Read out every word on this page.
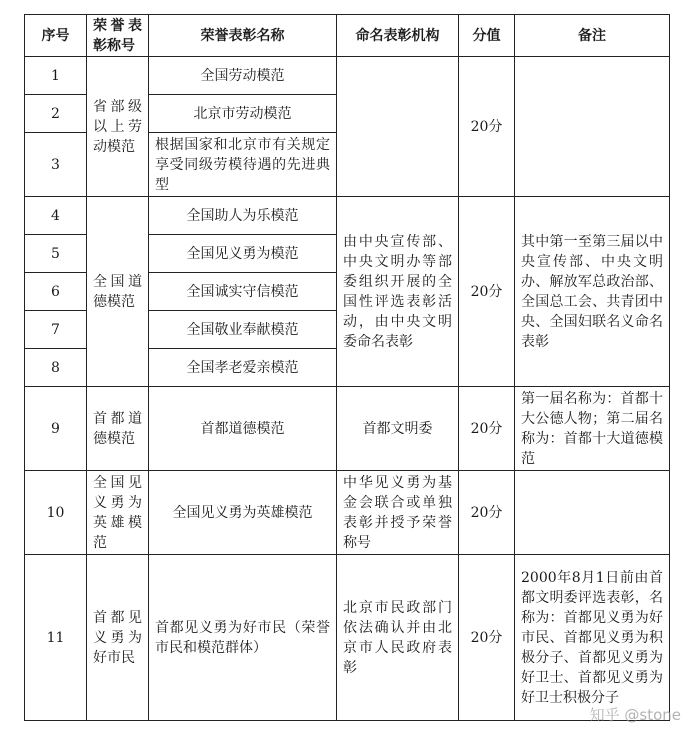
序号	荣誉表彰称号	荣誉表彰名称	命名表彰机构	分值	备注
1	省部级以上劳动模范	全国劳动模范		20分	
2		北京市劳动模范			
3		根据国家和北京市有关规定享受同级劳模待遇的先进典型			
4	全国道德模范	全国助人为乐模范	由中央宣传部、中央文明办等部委组织开展的全国性评选表彰活动，由中央文明委命名表彰	20分	其中第一至第三届以中央宣传部、中央文明办、解放军总政治部、全国总工会、共青团中央、全国妇联名义命名表彰
5		全国见义勇为模范			
6		全国诚实守信模范			
7		全国敬业奉献模范			
8		全国孝老爱亲模范			
9	首都道德模范	首都道德模范	首都文明委	20分	第一届名称为：首都十大公德人物；第二届名称为：首都十大道德模范
10	全国见义勇为英雄模范	全国见义勇为英雄模范	中华见义勇为基金会联合或单独表彰并授予荣誉称号	20分	
11	首都见义勇为好市民	首都见义勇为好市民（荣誉市民和模范群体）	北京市民政部门依法确认并由北京市人民政府表彰	20分	2000年8月1日前由首都文明委评选表彰，名称为：首都见义勇为好市民、首都见义勇为积极分子、首都见义勇为好卫士、首都见义勇为好卫士积极分子
知乎 @stone
